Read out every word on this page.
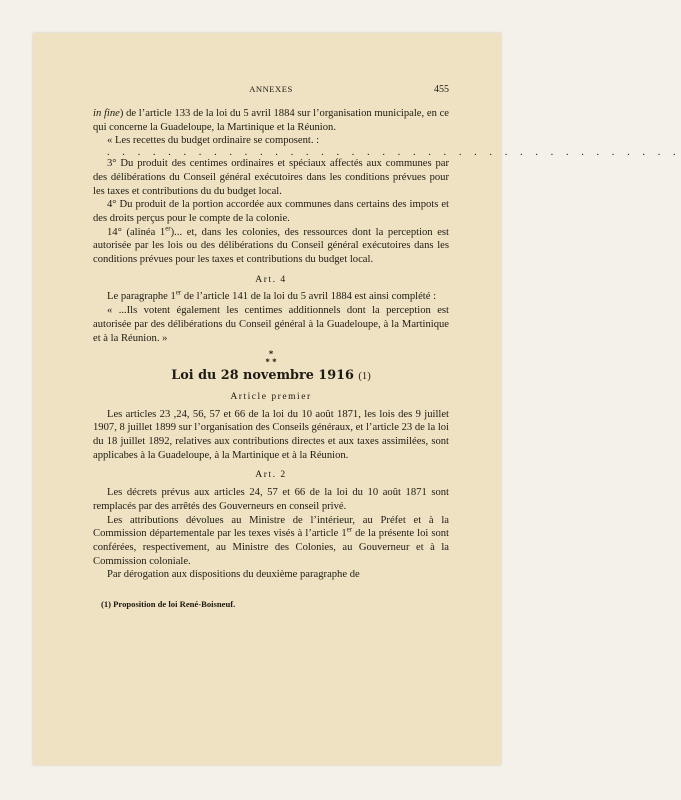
ANNEXES	455

in fine) de l’article 133 de la loi du 5 avril 1884 sur l’organisation municipale, en ce qui concerne la Guadeloupe, la Martinique et la Réunion.

« Les recettes du budget ordinaire se composent. :

. . . . . . . . . . . . . . . . . . . . . . . . . . . . . . . . . . . . . .

3° Du produit des centimes ordinaires et spéciaux affectés aux communes par des délibérations du Conseil général exécutoires dans les conditions prévues pour les taxes et contributions du du budget local.

4° Du produit de la portion accordée aux communes dans certains des impots et des droits perçus pour le compte de la colonie.

14° (alinéa 1er)... et, dans les colonies, des ressources dont la perception est autorisée par les lois ou des délibérations du Conseil général exécutoires dans les conditions prévues pour les taxes et contributions du budget local.

Art. 4

Le paragraphe 1er de l’article 141 de la loi du 5 avril 1884 est ainsi complété :

« ...Ils votent également les centimes additionnels dont la perception est autorisée par des délibérations du Conseil général à la Guadeloupe, à la Martinique et à la Réunion. »

*
* *
Loi du 28 novembre 1916 (1)
Article premier

Les articles 23 ,24, 56, 57 et 66 de la loi du 10 août 1871, les lois des 9 juillet 1907, 8 juillet 1899 sur l’organisation des Conseils généraux, et l’article 23 de la loi du 18 juillet 1892, relatives aux contributions directes et aux taxes assimilées, sont applicabes à la Guadeloupe, à la Martinique et à la Réunion.

Art. 2

Les décrets prévus aux articles 24, 57 et 66 de la loi du 10 août 1871 sont remplacés par des arrêtés des Gouverneurs en conseil privé.

Les attributions dévolues au Ministre de l’intérieur, au Préfet et à la Commission départementale par les texes visés à l’article 1er de la présente loi sont conférées, respectivement, au Ministre des Colonies, au Gouverneur et à la Commission coloniale.

Par dérogation aux dispositions du deuxième paragraphe de

(1) Proposition de loi René-Boisneuf.
